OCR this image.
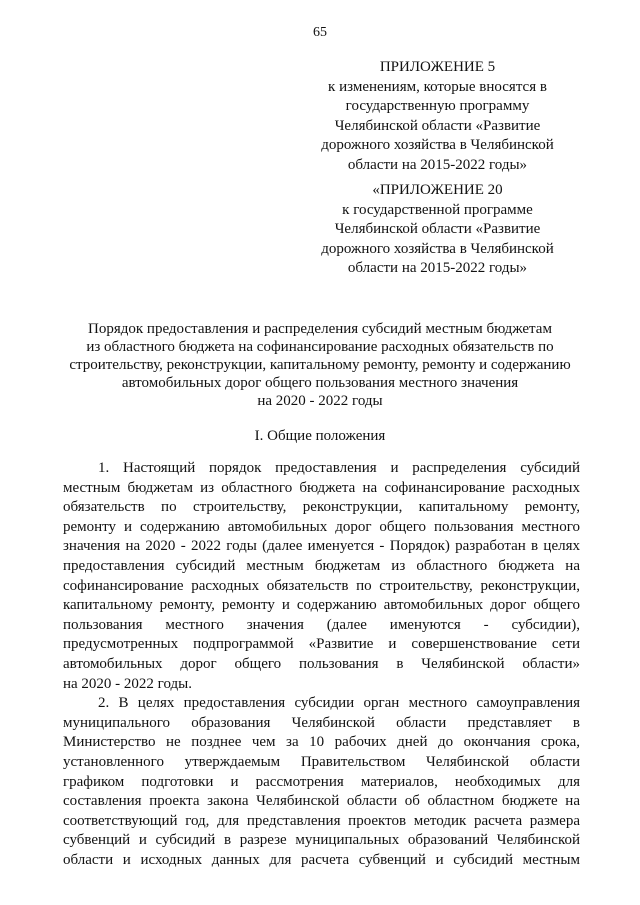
65
ПРИЛОЖЕНИЕ 5
к изменениям, которые вносятся в
государственную программу
Челябинской области «Развитие
дорожного хозяйства в Челябинской
области на 2015-2022 годы»
«ПРИЛОЖЕНИЕ 20
к государственной программе
Челябинской области «Развитие
дорожного хозяйства в Челябинской
области на 2015-2022 годы»
Порядок предоставления и распределения субсидий местным бюджетам
из областного бюджета на софинансирование расходных обязательств по
строительству, реконструкции, капитальному ремонту, ремонту и содержанию
автомобильных дорог общего пользования местного значения
на 2020 - 2022 годы
I. Общие положения
1. Настоящий порядок предоставления и распределения субсидий
местным бюджетам из областного бюджета на софинансирование расходных
обязательств по строительству, реконструкции, капитальному ремонту,
ремонту и содержанию автомобильных дорог общего пользования местного
значения на 2020 - 2022 годы (далее именуется - Порядок) разработан в целях
предоставления субсидий местным бюджетам из областного бюджета на
софинансирование расходных обязательств по строительству, реконструкции,
капитальному ремонту, ремонту и содержанию автомобильных дорог общего
пользования местного значения (далее именуются - субсидии),
предусмотренных подпрограммой «Развитие и совершенствование сети
автомобильных дорог общего пользования в Челябинской области»
на 2020 - 2022 годы.
2. В целях предоставления субсидии орган местного самоуправления
муниципального образования Челябинской области представляет в
Министерство не позднее чем за 10 рабочих дней до окончания срока,
установленного утверждаемым Правительством Челябинской области
графиком подготовки и рассмотрения материалов, необходимых для
составления проекта закона Челябинской области об областном бюджете на
соответствующий год, для представления проектов методик расчета размера
субвенций и субсидий в разрезе муниципальных образований Челябинской
области и исходных данных для расчета субвенций и субсидий местным
